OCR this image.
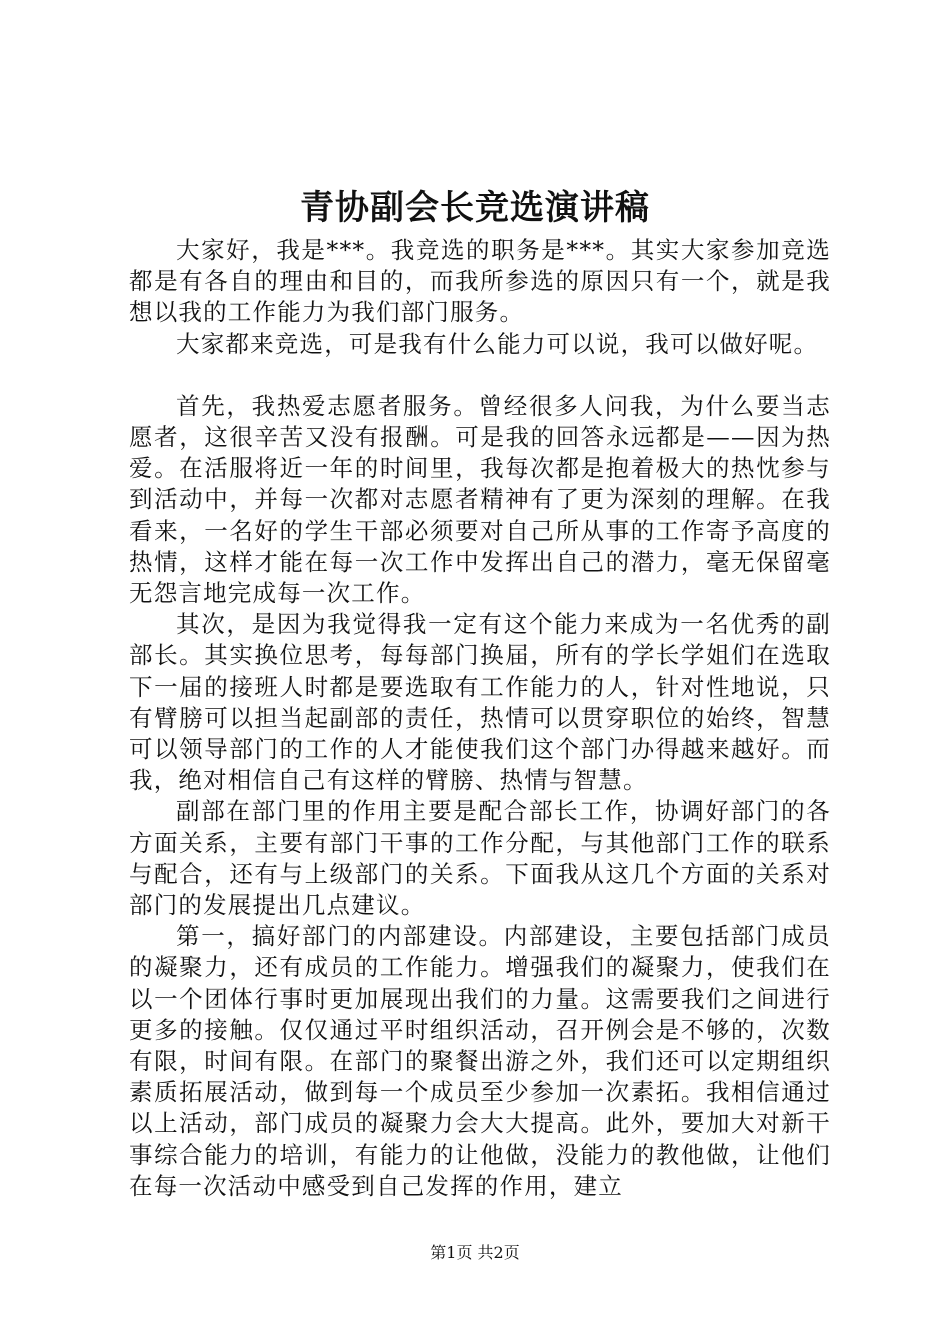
青协副会长竞选演讲稿

大家好，我是***。我竞选的职务是***。其实大家参加竞选都是有各自的理由和目的，而我所参选的原因只有一个，就是我想以我的工作能力为我们部门服务。

大家都来竞选，可是我有什么能力可以说，我可以做好呢。

首先，我热爱志愿者服务。曾经很多人问我，为什么要当志愿者，这很辛苦又没有报酬。可是我的回答永远都是——因为热爱。在活服将近一年的时间里，我每次都是抱着极大的热忱参与到活动中，并每一次都对志愿者精神有了更为深刻的理解。在我看来，一名好的学生干部必须要对自己所从事的工作寄予高度的热情，这样才能在每一次工作中发挥出自己的潜力，毫无保留毫无怨言地完成每一次工作。

其次，是因为我觉得我一定有这个能力来成为一名优秀的副部长。其实换位思考，每每部门换届，所有的学长学姐们在选取下一届的接班人时都是要选取有工作能力的人，针对性地说，只有臂膀可以担当起副部的责任，热情可以贯穿职位的始终，智慧可以领导部门的工作的人才能使我们这个部门办得越来越好。而我，绝对相信自己有这样的臂膀、热情与智慧。

副部在部门里的作用主要是配合部长工作，协调好部门的各方面关系，主要有部门干事的工作分配，与其他部门工作的联系与配合，还有与上级部门的关系。下面我从这几个方面的关系对部门的发展提出几点建议。

第一，搞好部门的内部建设。内部建设，主要包括部门成员的凝聚力，还有成员的工作能力。增强我们的凝聚力，使我们在以一个团体行事时更加展现出我们的力量。这需要我们之间进行更多的接触。仅仅通过平时组织活动，召开例会是不够的，次数有限，时间有限。在部门的聚餐出游之外，我们还可以定期组织素质拓展活动，做到每一个成员至少参加一次素拓。我相信通过以上活动，部门成员的凝聚力会大大提高。此外，要加大对新干事综合能力的培训，有能力的让他做，没能力的教他做，让他们在每一次活动中感受到自己发挥的作用，建立

第1页 共2页
